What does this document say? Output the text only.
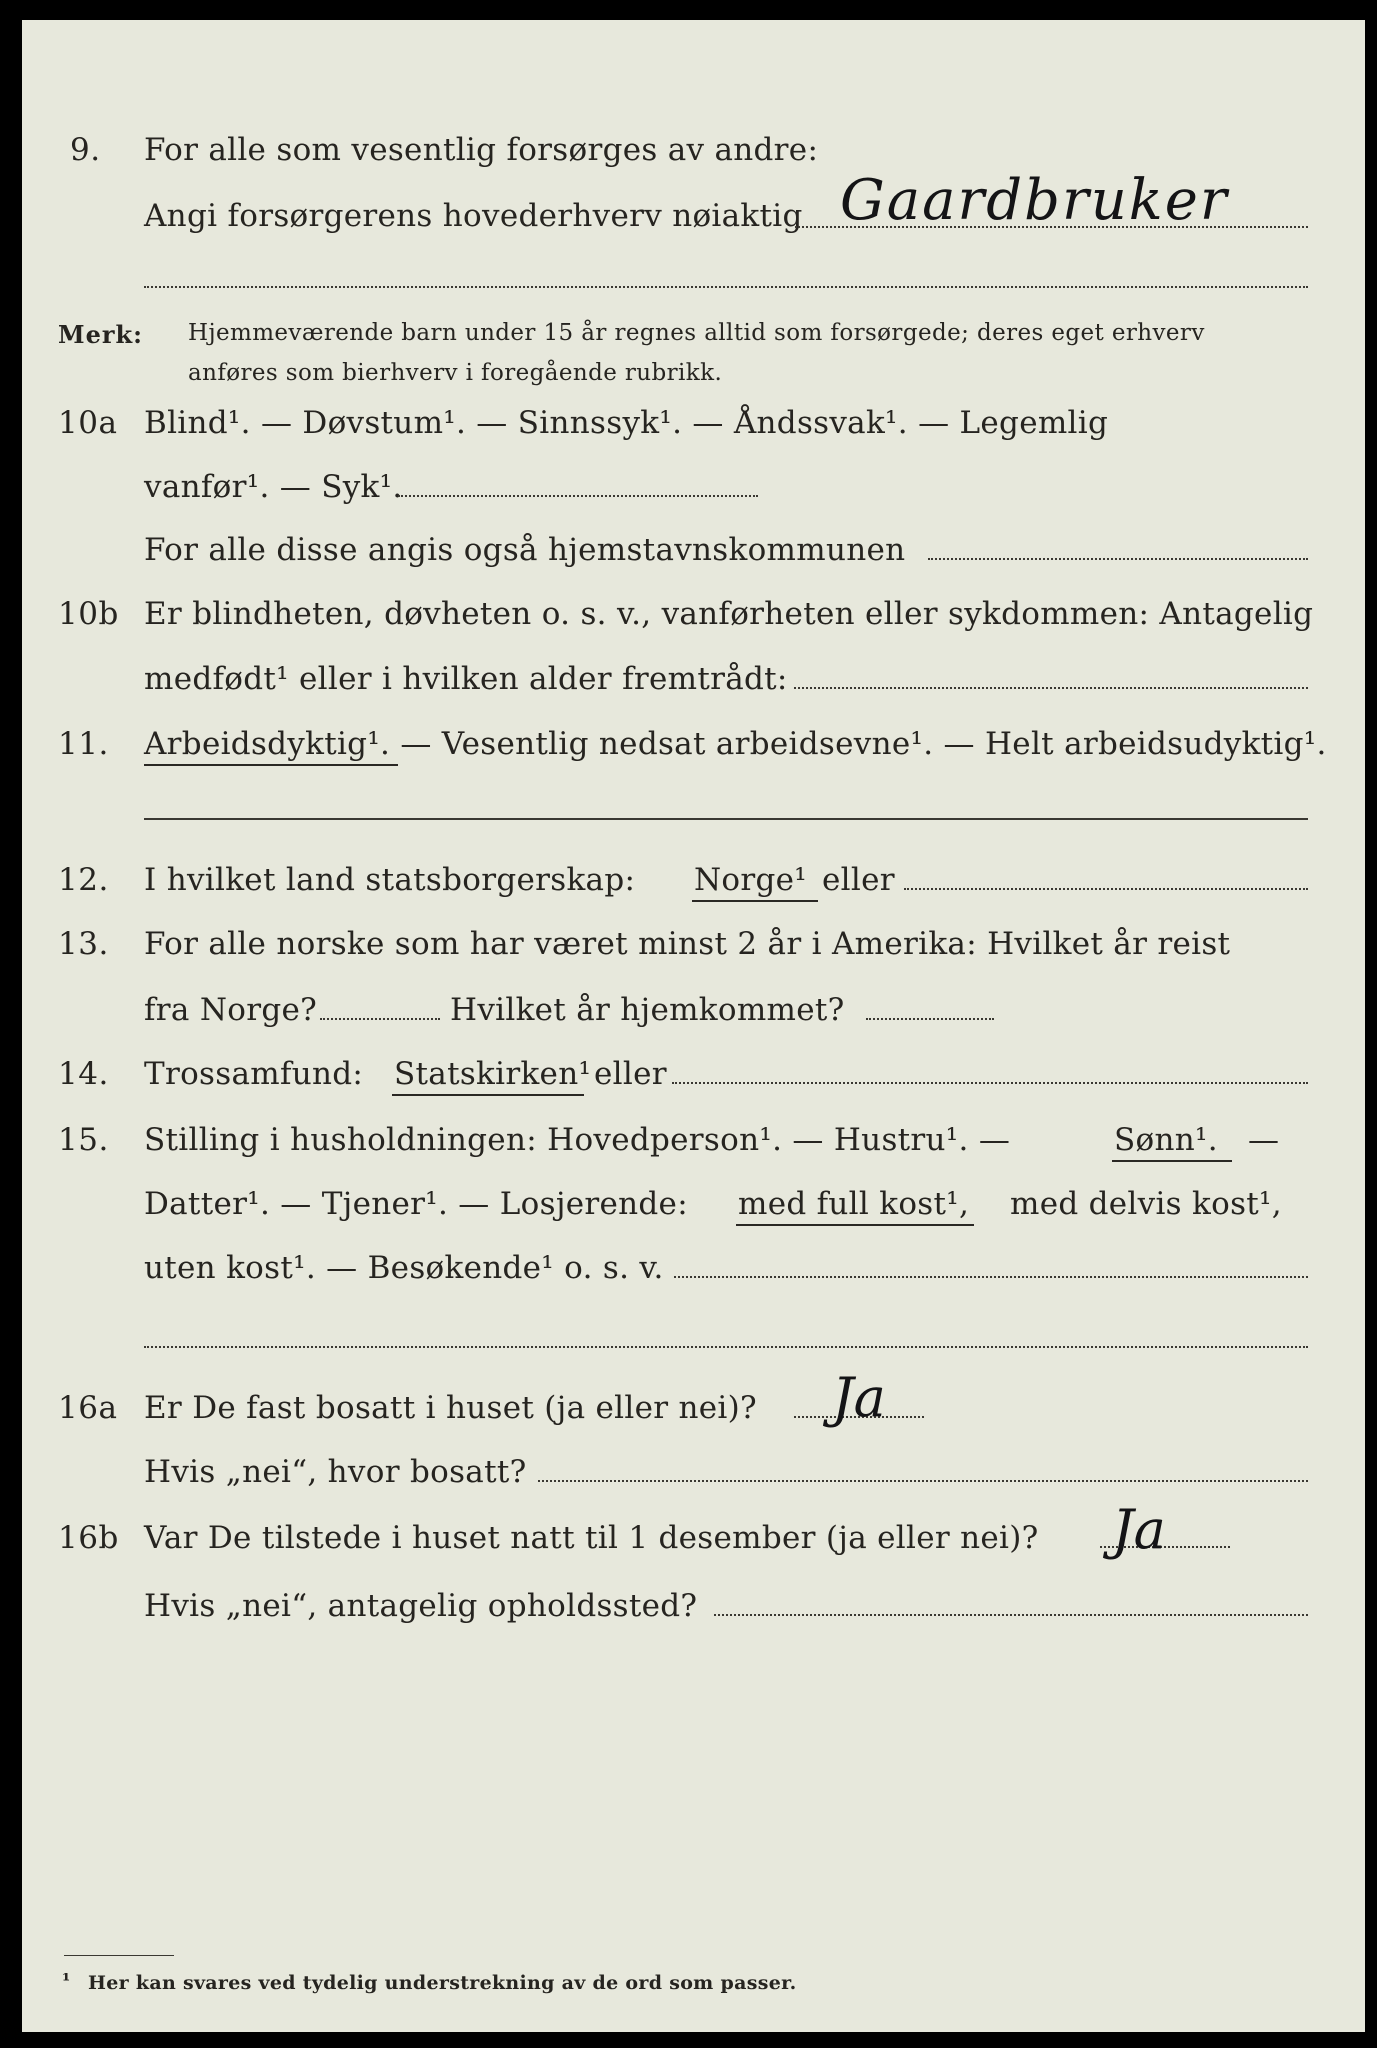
9. For alle som vesentlig forsørges av andre:
Angi forsørgerens hovederhverv nøiaktig Gaardbruker
Merk: Hjemmeværende barn under 15 år regnes alltid som forsørgede; deres eget erhverv
anføres som bierhverv i foregående rubrikk.
10a Blind¹. — Døvstum¹. — Sinnssyk¹. — Åndssvak¹. — Legemlig
vanfør¹. — Syk¹.
For alle disse angis også hjemstavnskommunen
10b Er blindheten, døvheten o. s. v., vanførheten eller sykdommen: Antagelig
medfødt¹ eller i hvilken alder fremtrådt:
11. Arbeidsdyktig¹. — Vesentlig nedsat arbeidsevne¹. — Helt arbeidsudyktig¹.
12. I hvilket land statsborgerskap: Norge¹ eller
13. For alle norske som har været minst 2 år i Amerika: Hvilket år reist
fra Norge?	Hvilket år hjemkommet?
14. Trossamfund: Statskirken¹ eller
15. Stilling i husholdningen: Hovedperson¹. — Hustru¹. —	Sønn¹. —
Datter¹. — Tjener¹. — Losjerende: med full kost¹, med delvis kost¹,
uten kost¹. — Besøkende¹ o. s. v.
16a Er De fast bosatt i huset (ja eller nei)? Ja
Hvis „nei“, hvor bosatt?
16b Var De tilstede i huset natt til 1 desember (ja eller nei)? Ja
Hvis „nei“, antagelig opholdssted?
¹ Her kan svares ved tydelig understrekning av de ord som passer.
